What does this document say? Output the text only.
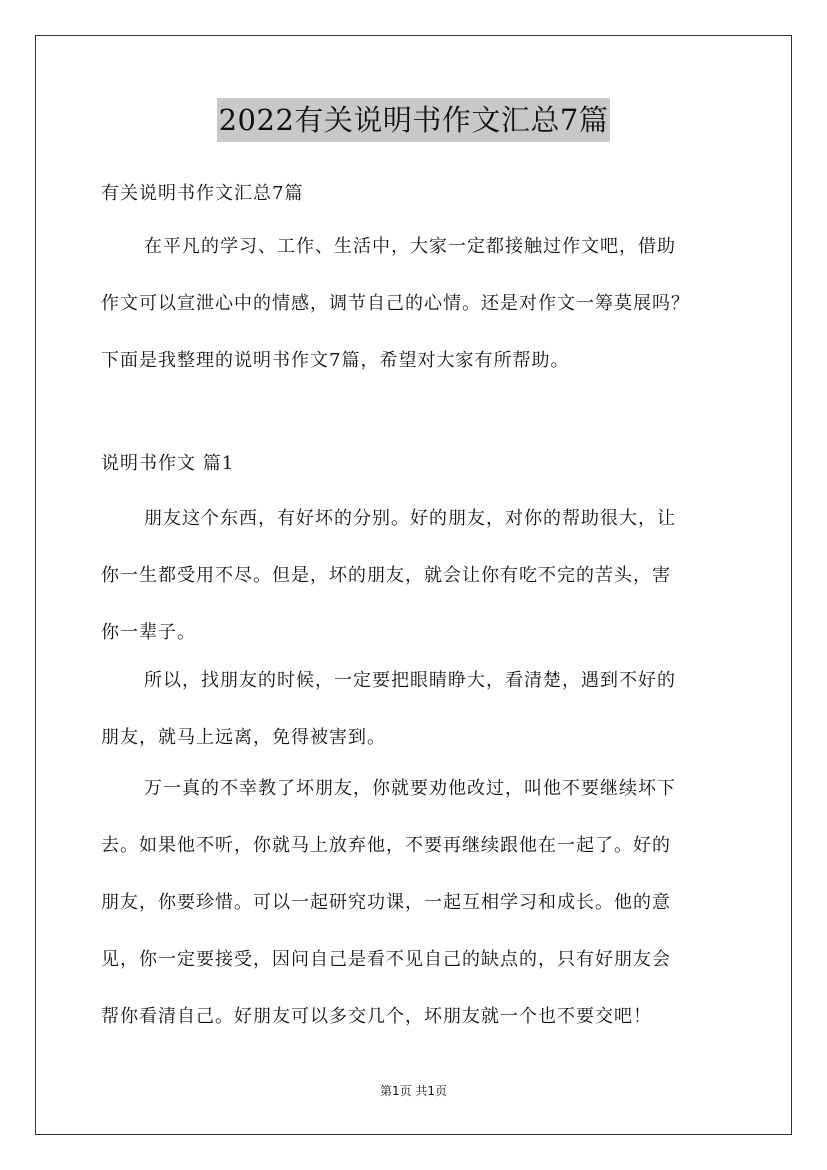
2022有关说明书作文汇总7篇
有关说明书作文汇总7篇
在平凡的学习、工作、生活中，大家一定都接触过作文吧，借助
作文可以宣泄心中的情感，调节自己的心情。还是对作文一筹莫展吗？
下面是我整理的说明书作文7篇，希望对大家有所帮助。
说明书作文 篇1
朋友这个东西，有好坏的分别。好的朋友，对你的帮助很大，让
你一生都受用不尽。但是，坏的朋友，就会让你有吃不完的苦头，害
你一辈子。
所以，找朋友的时候，一定要把眼睛睁大，看清楚，遇到不好的
朋友，就马上远离，免得被害到。
万一真的不幸教了坏朋友，你就要劝他改过，叫他不要继续坏下
去。如果他不听，你就马上放弃他，不要再继续跟他在一起了。好的
朋友，你要珍惜。可以一起研究功课，一起互相学习和成长。他的意
见，你一定要接受，因问自己是看不见自己的缺点的，只有好朋友会
帮你看清自己。好朋友可以多交几个，坏朋友就一个也不要交吧！
第1页 共1页
